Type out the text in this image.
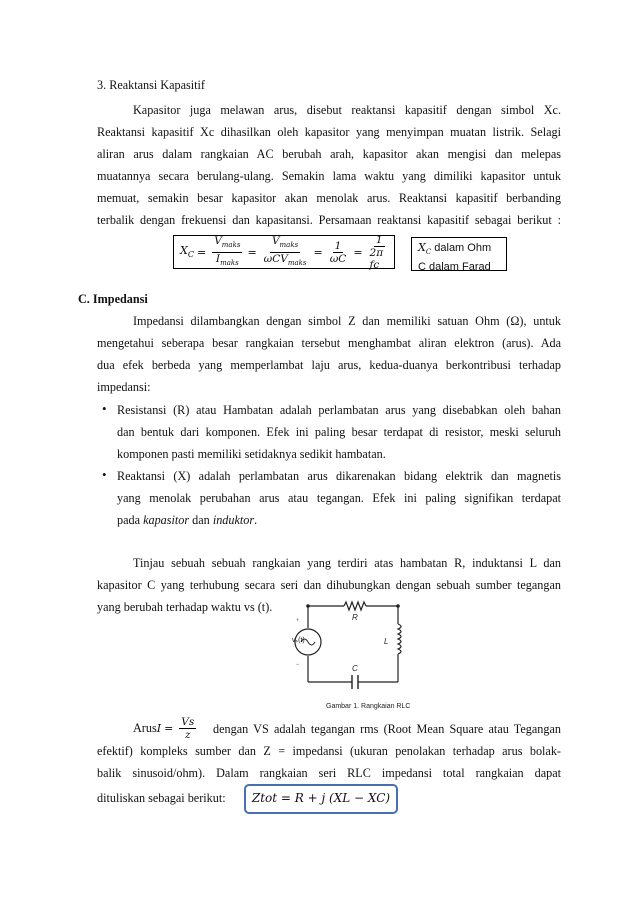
3. Reaktansi Kapasitif
Kapasitor juga melawan arus, disebut reaktansi kapasitif dengan simbol Xc.
Reaktansi kapasitif Xc dihasilkan oleh kapasitor yang menyimpan muatan listrik. Selagi
aliran arus dalam rangkaian AC berubah arah, kapasitor akan mengisi dan melepas
muatannya secara berulang-ulang. Semakin lama waktu yang dimiliki kapasitor untuk
memuat, semakin besar kapasitor akan menolak arus. Reaktansi kapasitif berbanding
terbalik dengan frekuensi dan kapasitansi. Persamaan reaktansi kapasitif sebagai berikut :
$X_C = \frac{V_{maks}}{I_{maks}} = \frac{V_{maks}}{\omega CV_{maks}} = \frac{1}{\omega C} = \frac{1}{\text{2π fc}} X_C$ dalam Ohm
C dalam Farad
C. Impedansi
Impedansi dilambangkan dengan simbol Z dan memiliki satuan Ohm (Ω), untuk
mengetahui seberapa besar rangkaian tersebut menghambat aliran elektron (arus). Ada
dua efek berbeda yang memperlambat laju arus, kedua-duanya berkontribusi terhadap
impedansi:
• Resistansi (R) atau Hambatan adalah perlambatan arus yang disebabkan oleh bahan
dan bentuk dari komponen. Efek ini paling besar terdapat di resistor, meski seluruh
komponen pasti memiliki setidaknya sedikit hambatan.
• Reaktansi (X) adalah perlambatan arus dikarenakan bidang elektrik dan magnetis
yang menolak perubahan arus atau tegangan. Efek ini paling signifikan terdapat
pada kapasitor dan induktor.
Tinjau sebuah sebuah rangkaian yang terdiri atas hambatan R, induktansi L dan
kapasitor C yang terhubung secara seri dan dihubungkan dengan sebuah sumber tegangan
yang berubah terhadap waktu vs (t).
+
−
vₛ(t)
R
L
C
Gambar 1. Rangkaian RLC
Arus $I = \frac{Vs}{z}$ dengan VS adalah tegangan rms (Root Mean Square atau Tegangan
efektif) kompleks sumber dan Z = impedansi (ukuran penolakan terhadap arus bolak-
balik sinusoid/ohm). Dalam rangkaian seri RLC impedansi total rangkaian dapat
dituliskan sebagai berikut:	Ztot = R + j (XL − XC)
